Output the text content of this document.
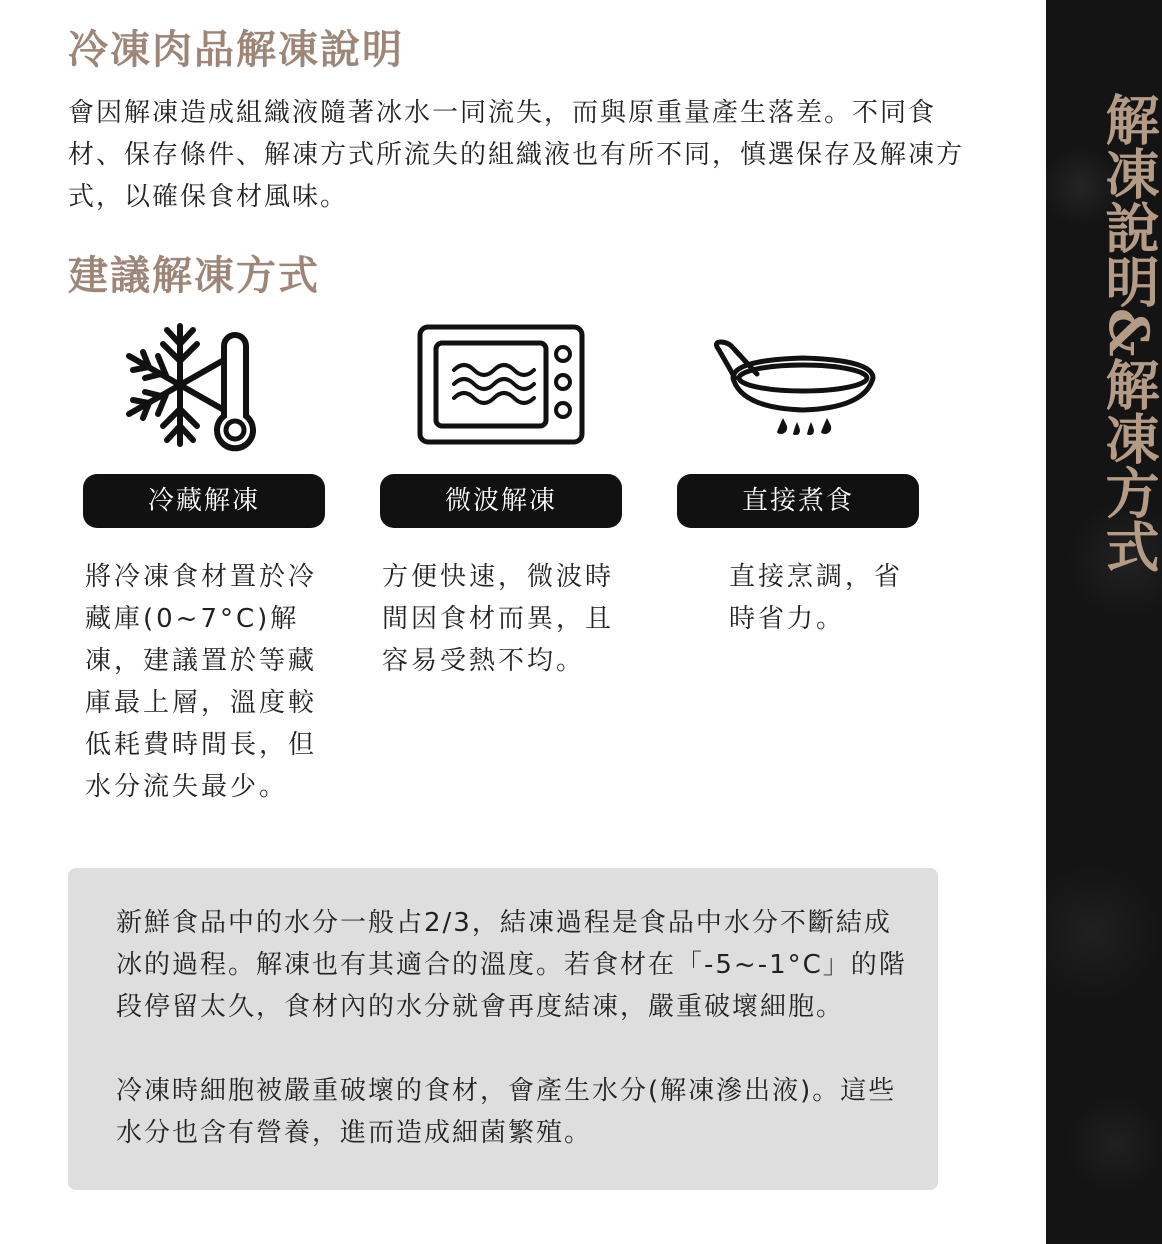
冷凍肉品解凍說明

會因解凍造成組織液隨著冰水一同流失，而與原重量產生落差。不同食材、保存條件、解凍方式所流失的組織液也有所不同，慎選保存及解凍方式，以確保食材風味。

建議解凍方式
冷藏解凍

將冷凍食材置於冷藏庫(0~7°C)解凍，建議置於等藏庫最上層，溫度較低耗費時間長，但水分流失最少。

微波解凍

方便快速，微波時間因食材而異，且容易受熱不均。

直接煮食

直接烹調，省時省力。

新鮮食品中的水分一般占2/3，結凍過程是食品中水分不斷結成冰的過程。解凍也有其適合的溫度。若食材在「-5~-1°C」的階段停留太久，食材內的水分就會再度結凍，嚴重破壞細胞。

冷凍時細胞被嚴重破壞的食材，會產生水分(解凍滲出液)。這些水分也含有營養，進而造成細菌繁殖。

解凍說明&解凍方式
